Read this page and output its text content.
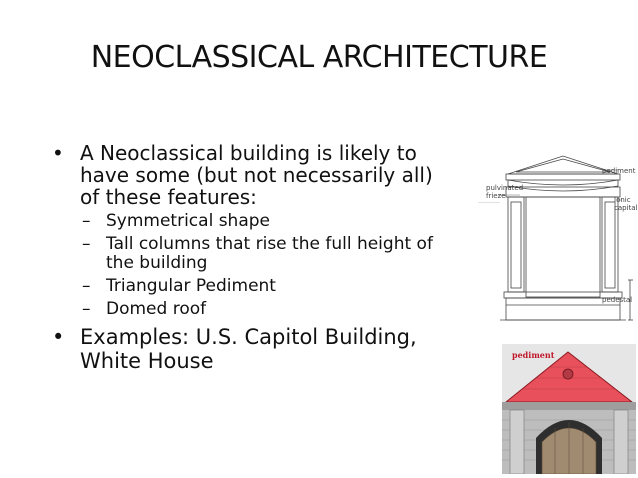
NEOCLASSICAL ARCHITECTURE
• A Neoclassical building is likely to have some (but not necessarily all) of these features:
– Symmetrical shape
– Tall columns that rise the full height of the building
– Triangular Pediment
– Domed roof
• Examples: U.S. Capitol Building, White House
pediment
pulvinated
frieze	Ionic
capital
pedestal
pediment
